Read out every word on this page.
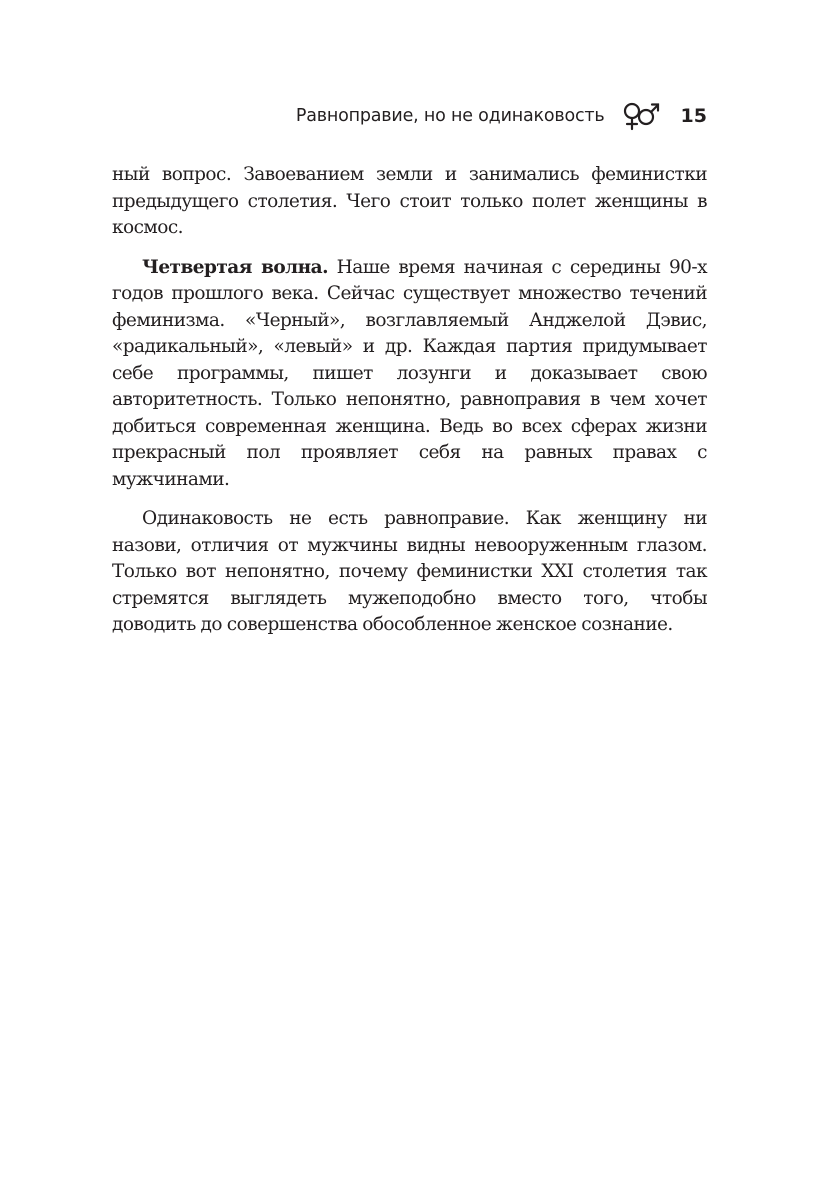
Равноправие, но не одинаковость	15

ный вопрос. Завоеванием земли и занимались феминистки предыдущего столетия. Чего стоит только полет женщины в космос.

Четвертая волна. Наше время начиная с середины 90-х годов прошлого века. Сейчас существует множество течений феминизма. «Черный», возглавляемый Анджелой Дэвис, «радикальный», «левый» и др. Каждая партия придумывает себе программы, пишет лозунги и доказывает свою авторитетность. Только непонятно, равноправия в чем хочет добиться современная женщина. Ведь во всех сферах жизни прекрасный пол проявляет себя на равных правах с мужчинами.

Одинаковость не есть равноправие. Как женщину ни назови, отличия от мужчины видны невооруженным глазом. Только вот непонятно, почему феминистки XXI столетия так стремятся выглядеть мужеподобно вместо того, чтобы доводить до совершенства обособленное женское сознание.
